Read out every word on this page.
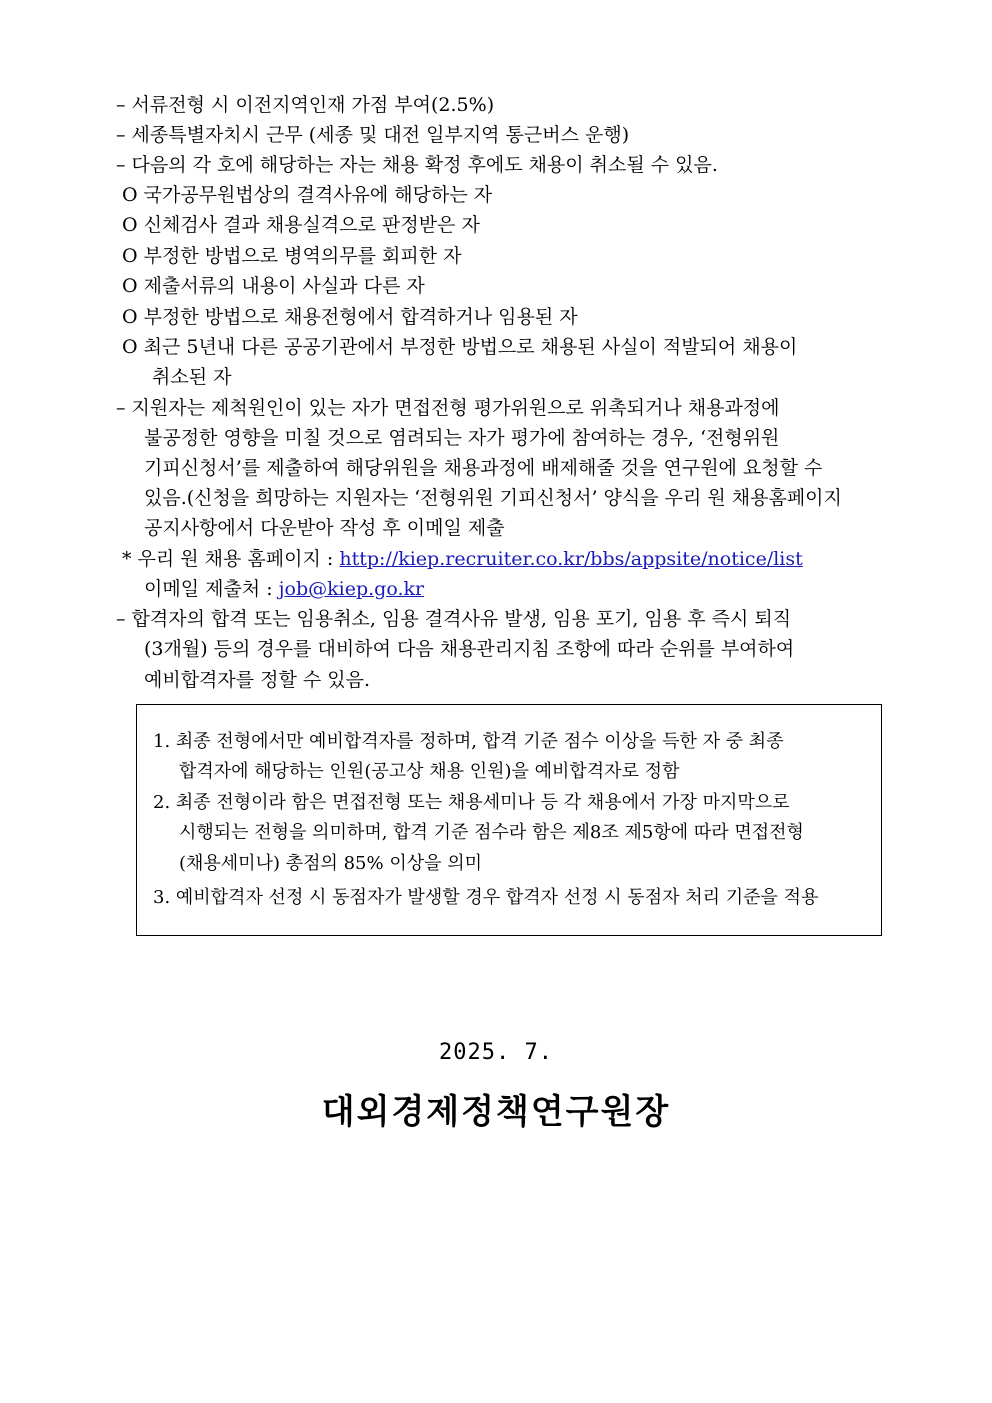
– 서류전형 시 이전지역인재 가점 부여(2.5%)
– 세종특별자치시 근무 (세종 및 대전 일부지역 통근버스 운행)
– 다음의 각 호에 해당하는 자는 채용 확정 후에도 채용이 취소될 수 있음.
O 국가공무원법상의 결격사유에 해당하는 자
O 신체검사 결과 채용실격으로 판정받은 자
O 부정한 방법으로 병역의무를 회피한 자
O 제출서류의 내용이 사실과 다른 자
O 부정한 방법으로 채용전형에서 합격하거나 임용된 자
O 최근 5년내 다른 공공기관에서 부정한 방법으로 채용된 사실이 적발되어 채용이
취소된 자
– 지원자는 제척원인이 있는 자가 면접전형 평가위원으로 위촉되거나 채용과정에
불공정한 영향을 미칠 것으로 염려되는 자가 평가에 참여하는 경우, ‘전형위원
기피신청서’를 제출하여 해당위원을 채용과정에 배제해줄 것을 연구원에 요청할 수
있음.(신청을 희망하는 지원자는 ‘전형위원 기피신청서’ 양식을 우리 원 채용홈페이지
공지사항에서 다운받아 작성 후 이메일 제출
* 우리 원 채용 홈페이지 : http://kiep.recruiter.co.kr/bbs/appsite/notice/list
이메일 제출처 : job@kiep.go.kr
– 합격자의 합격 또는 임용취소, 임용 결격사유 발생, 임용 포기, 임용 후 즉시 퇴직
(3개월) 등의 경우를 대비하여 다음 채용관리지침 조항에 따라 순위를 부여하여
예비합격자를 정할 수 있음.
1. 최종 전형에서만 예비합격자를 정하며, 합격 기준 점수 이상을 득한 자 중 최종
합격자에 해당하는 인원(공고상 채용 인원)을 예비합격자로 정함
2. 최종 전형이라 함은 면접전형 또는 채용세미나 등 각 채용에서 가장 마지막으로
시행되는 전형을 의미하며, 합격 기준 점수라 함은 제8조 제5항에 따라 면접전형
(채용세미나) 총점의 85% 이상을 의미
3. 예비합격자 선정 시 동점자가 발생할 경우 합격자 선정 시 동점자 처리 기준을 적용
2025. 7.
대외경제정책연구원장
